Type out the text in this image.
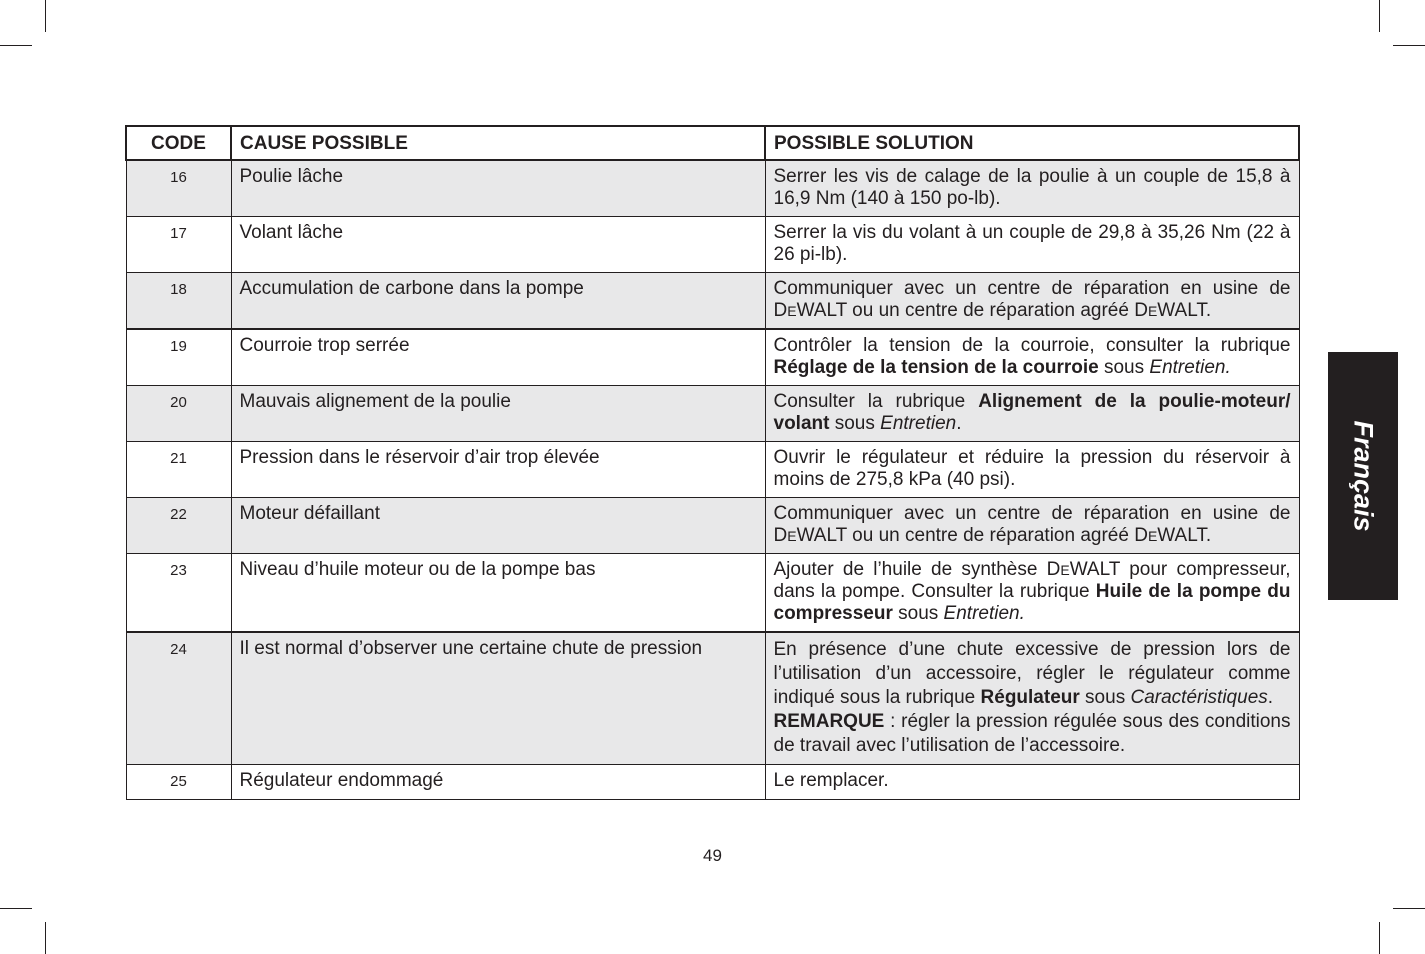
CODE	CAUSE POSSIBLE	POSSIBLE SOLUTION
16	Poulie lâche	Serrer les vis de calage de la poulie à un couple de 15,8 à 16,9 Nm (140 à 150 po-lb).
17	Volant lâche	Serrer la vis du volant à un couple de 29,8 à 35,26 Nm (22 à 26 pi-lb).
18	Accumulation de carbone dans la pompe	Communiquer avec un centre de réparation en usine de DEWALT ou un centre de réparation agréé DEWALT.
19	Courroie trop serrée	Contrôler la tension de la courroie, consulter la rubrique Réglage de la tension de la courroie sous Entretien.
20	Mauvais alignement de la poulie	Consulter la rubrique Alignement de la poulie-moteur/ volant sous Entretien.
21	Pression dans le réservoir d’air trop élevée	Ouvrir le régulateur et réduire la pression du réservoir à moins de 275,8 kPa (40 psi).
22	Moteur défaillant	Communiquer avec un centre de réparation en usine de DEWALT ou un centre de réparation agréé DEWALT.
23	Niveau d’huile moteur ou de la pompe bas	Ajouter de l’huile de synthèse DEWALT pour compresseur, dans la pompe. Consulter la rubrique Huile de la pompe du compresseur sous Entretien.
24	Il est normal d’observer une certaine chute de pression	En présence d’une chute excessive de pression lors de l’utilisation d’un accessoire, régler le régulateur comme indiqué sous la rubrique Régulateur sous Caractéristiques.
REMARQUE : régler la pression régulée sous des conditions de travail avec l’utilisation de l’accessoire.
25	Régulateur endommagé	Le remplacer.
Français
49
